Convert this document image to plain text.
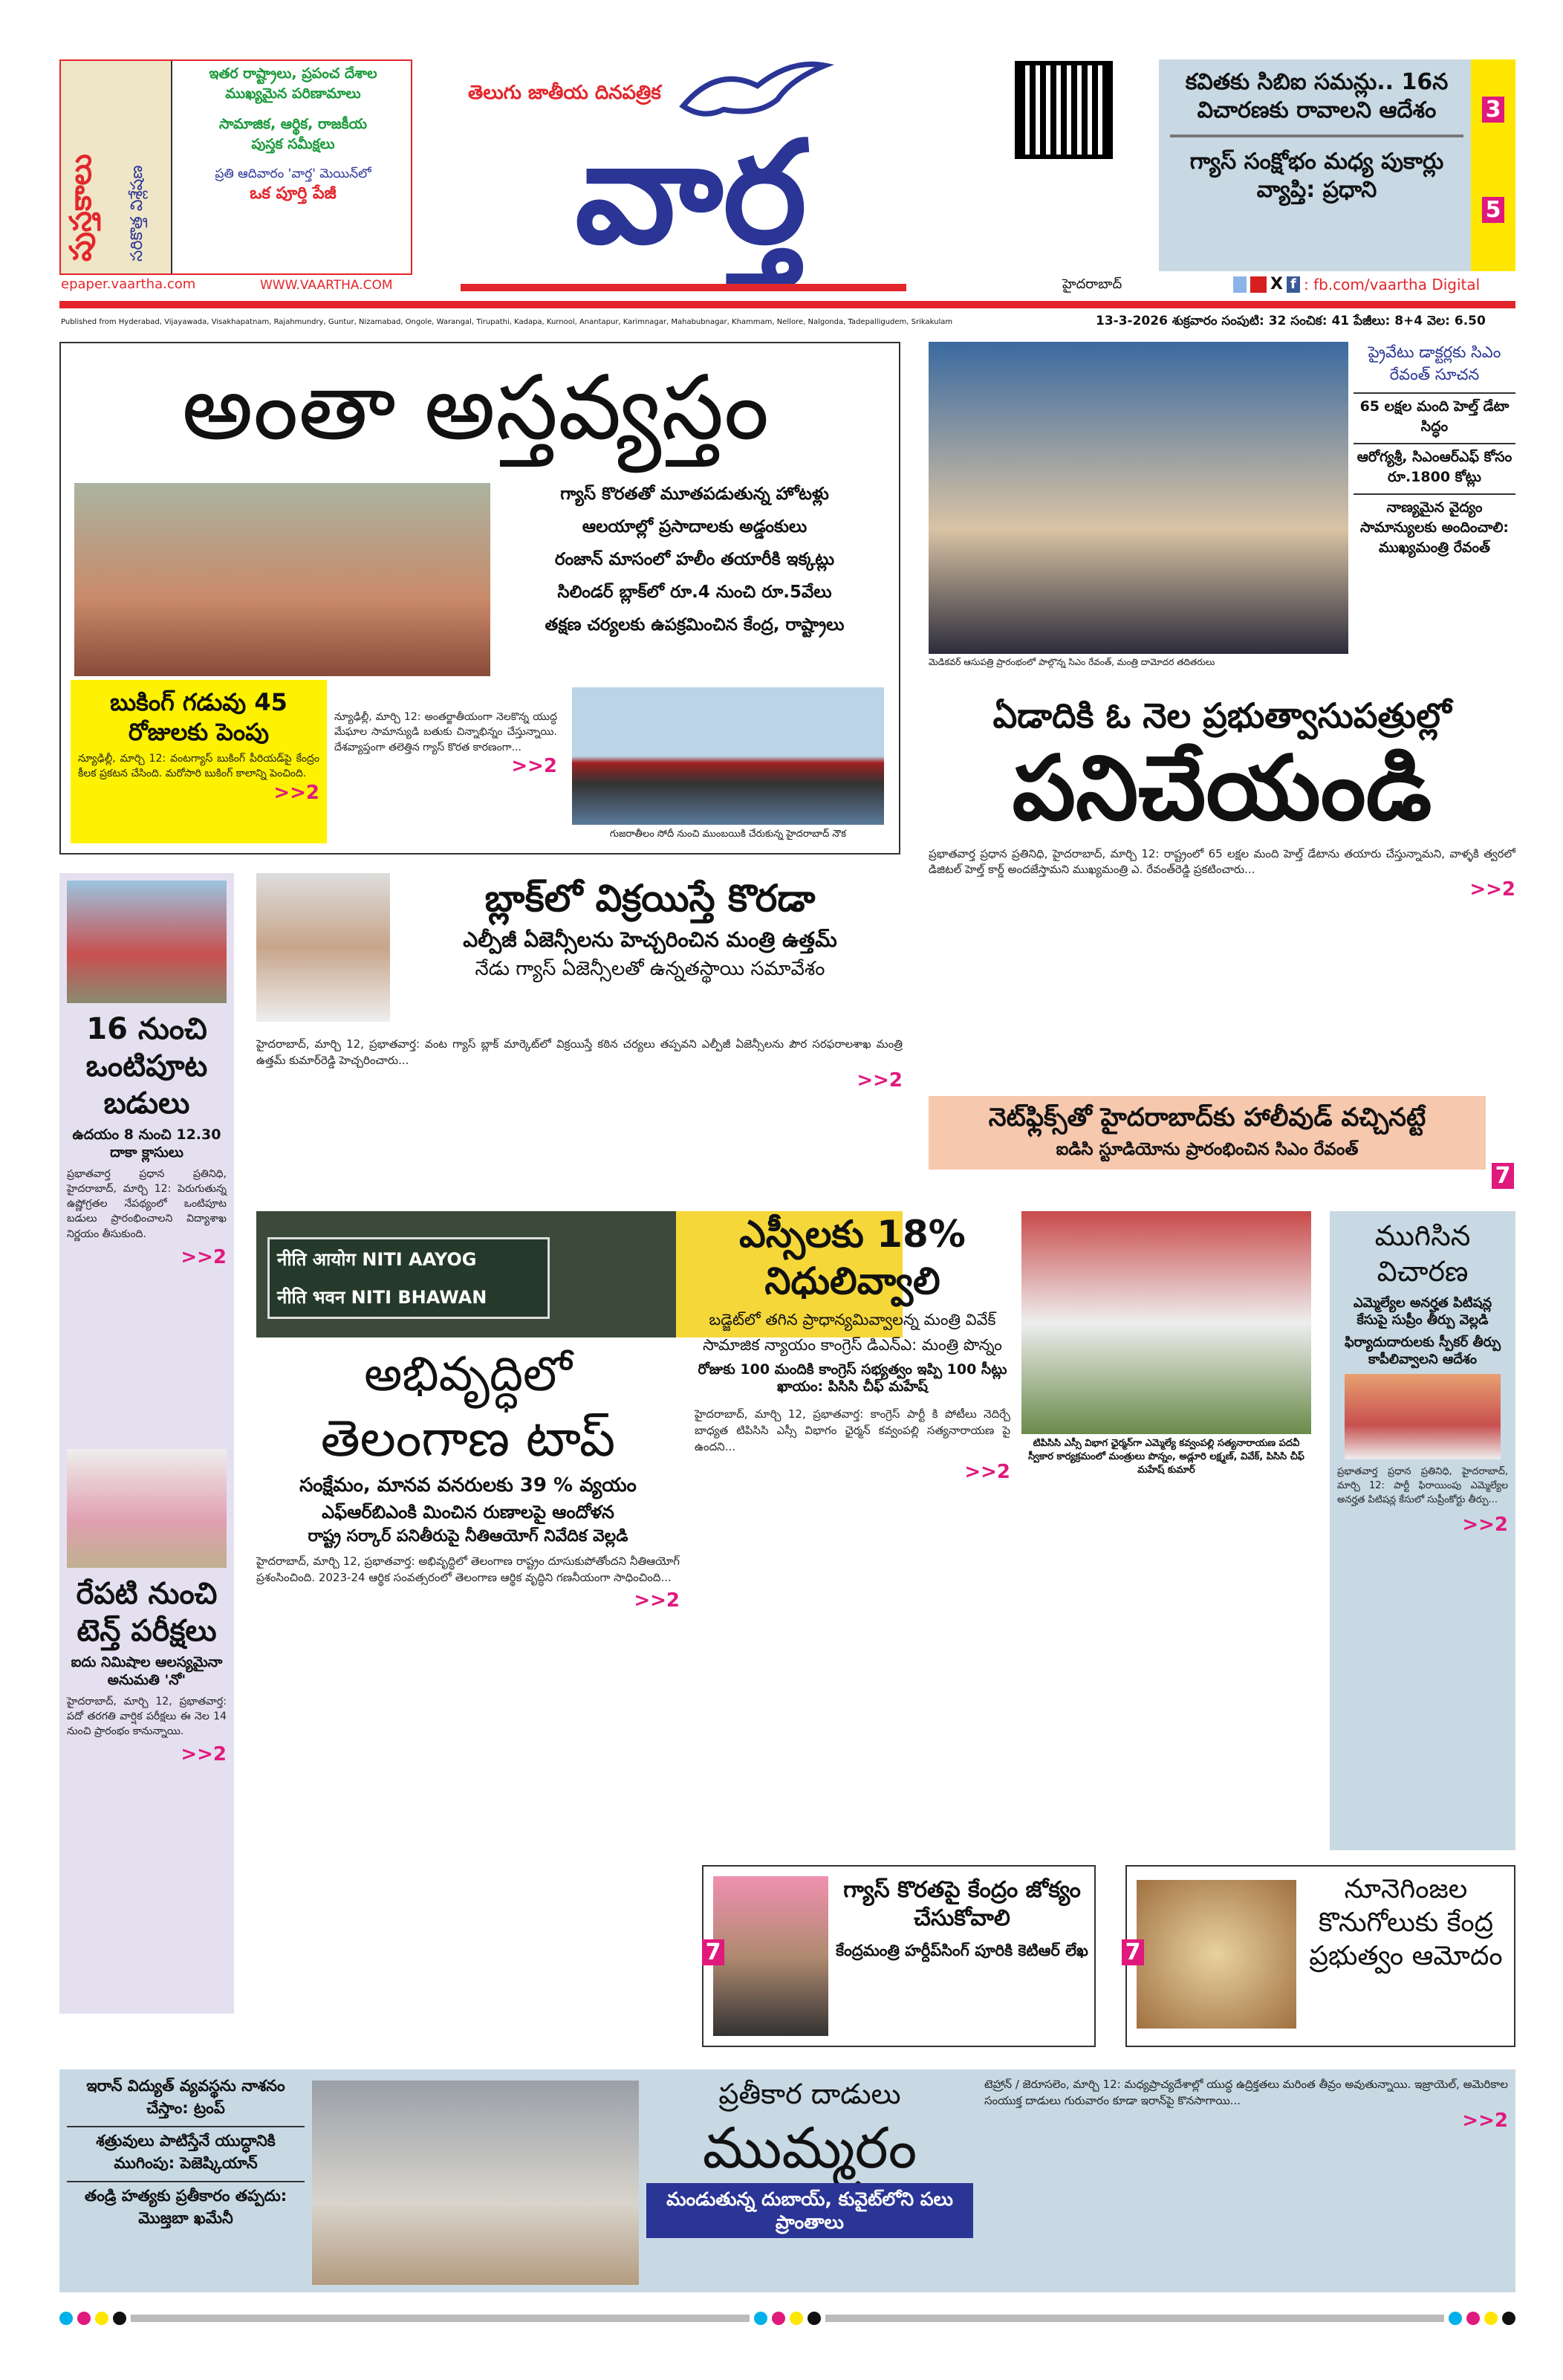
పుస్తకాలు	సరికొత్త విశ్లేషణ
ఇతర రాష్ట్రాలు, ప్రపంచ దేశాల
ముఖ్యమైన పరిణామాలు
సామాజిక, ఆర్థిక, రాజకీయ
పుస్తక సమీక్షలు
ప్రతి ఆదివారం 'వార్త' మెయిన్‌లో
ఒక పూర్తి పేజీ
epaper.vaartha.com	WWW.VAARTHA.COM
తెలుగు జాతీయ దినపత్రిక
వార్త
హైదరాబాద్	X f : fb.com/vaartha Digital
కవితకు సిబిఐ సమన్లు.. 16న విచారణకు రావాలని ఆదేశం
గ్యాస్ సంక్షోభం మధ్య పుకార్లు వ్యాప్తి: ప్రధాని
3
5
Published from Hyderabad, Vijayawada, Visakhapatnam, Rajahmundry, Guntur, Nizamabad, Ongole, Warangal, Tirupathi, Kadapa, Kurnool, Anantapur, Karimnagar, Mahabubnagar, Khammam, Nellore, Nalgonda, Tadepalligudem, Srikakulam	13-3-2026 శుక్రవారం సంపుటి: 32 సంచిక: 41 పేజీలు: 8+4 వెల: 6.50
అంతా అస్తవ్యస్తం
గ్యాస్ కొరతతో మూతపడుతున్న హోటళ్లు
ఆలయాల్లో ప్రసాదాలకు అడ్డంకులు
రంజాన్ మాసంలో హలీం తయారీకి ఇక్కట్లు
సిలిండర్ బ్లాక్‌లో రూ.4 నుంచి రూ.5వేలు
తక్షణ చర్యలకు ఉపక్రమించిన కేంద్ర, రాష్ట్రాలు
బుకింగ్ గడువు 45 రోజులకు పెంపు
న్యూఢిల్లీ, మార్చి 12: వంటగ్యాస్ బుకింగ్ పీరియడ్‌పై కేంద్రం కీలక ప్రకటన చేసింది. మరోసారి బుకింగ్ కాలాన్ని పెంచింది.
>>2
న్యూఢిల్లీ, మార్చి 12: అంతర్జాతీయంగా నెలకొన్న యుద్ధ మేఘాల సామాన్యుడి బతుకు చిన్నాభిన్నం చేస్తున్నాయి. దేశవ్యాప్తంగా తలెత్తిన గ్యాస్ కొరత కారణంగా...
>>2
గుజరాతీలం సోదీ నుంచి ముంబయికి చేరుకున్న హైదరాబాద్ నౌక
ప్రైవేటు డాక్టర్లకు సిఎం రేవంత్ సూచన
65 లక్షల మంది హెల్త్ డేటా సిద్ధం
ఆరోగ్యశ్రీ, సిఎంఆర్‌ఎఫ్ కోసం రూ.1800 కోట్లు
నాణ్యమైన వైద్యం సామాన్యులకు అందించాలి: ముఖ్యమంత్రి రేవంత్
మెడికవర్ ఆసుపత్రి ప్రారంభంలో పాల్గొన్న సిఎం రేవంత్, మంత్రి దామోదర తదితరులు
ఏడాదికి ఓ నెల ప్రభుత్వాసుపత్రుల్లో
పనిచేయండి
ప్రభాతవార్త ప్రధాన ప్రతినిధి, హైదరాబాద్, మార్చి 12: రాష్ట్రంలో 65 లక్షల మంది హెల్త్ డేటాను తయారు చేస్తున్నామని, వాళ్ళకి త్వరలో డిజిటల్ హెల్త్ కార్డ్ అందజేస్తామని ముఖ్యమంత్రి ఎ. రేవంత్‌రెడ్డి ప్రకటించారు...
>>2
నెట్‌ఫ్లిక్స్‌తో హైదరాబాద్‌కు హాలీవుడ్ వచ్చినట్టే
ఐడిసి స్టూడియోను ప్రారంభించిన సిఎం రేవంత్
7
బ్లాక్‌లో విక్రయిస్తే కొరడా
ఎల్పీజీ ఏజెన్సీలను హెచ్చరించిన మంత్రి ఉత్తమ్
నేడు గ్యాస్ ఏజెన్సీలతో ఉన్నతస్థాయి సమావేశం
హైదరాబాద్, మార్చి 12, ప్రభాతవార్త: వంట గ్యాస్ బ్లాక్ మార్కెట్‌లో విక్రయిస్తే కఠిన చర్యలు తప్పవని ఎల్పీజీ ఏజెన్సీలను పౌర సరఫరాలశాఖ మంత్రి ఉత్తమ్ కుమార్‌రెడ్డి హెచ్చరించారు...
>>2
16 నుంచి ఒంటిపూట బడులు
ఉదయం 8 నుంచి 12.30 దాకా క్లాసులు
ప్రభాతవార్త ప్రధాన ప్రతినిధి, హైదరాబాద్, మార్చి 12: పెరుగుతున్న ఉష్ణోగ్రతల నేపథ్యంలో ఒంటిపూట బడులు ప్రారంభించాలని విద్యాశాఖ నిర్ణయం తీసుకుంది.
>>2
రేపటి నుంచి టెన్త్ పరీక్షలు
ఐదు నిమిషాల ఆలస్యమైనా అనుమతి 'నో'
హైదరాబాద్, మార్చి 12, ప్రభాతవార్త: పదో తరగతి వార్షిక పరీక్షలు ఈ నెల 14 నుంచి ప్రారంభం కానున్నాయి.
>>2
नीति आयोग NITI AAYOG
नीति भवन NITI BHAWAN
అభివృద్ధిలో
తెలంగాణ టాప్
సంక్షేమం, మానవ వనరులకు 39 % వ్యయం
ఎఫ్‌ఆర్‌బిఎంకి మించిన రుణాలపై ఆందోళన
రాష్ట్ర సర్కార్ పనితీరుపై నీతిఆయోగ్ నివేదిక వెల్లడి
హైదరాబాద్, మార్చి 12, ప్రభాతవార్త: అభివృద్ధిలో తెలంగాణ రాష్ట్రం దూసుకుపోతోందని నీతిఆయోగ్ ప్రశంసించింది. 2023-24 ఆర్థిక సంవత్సరంలో తెలంగాణ ఆర్థిక వృద్ధిని గణనీయంగా సాధించింది...
>>2
ఎస్సీలకు 18% నిధులివ్వాలి
బడ్జెట్‌లో తగిన ప్రాధాన్యమివ్వాలన్న మంత్రి వివేక్
సామాజిక న్యాయం కాంగ్రెస్ డిఎన్‌ఎ: మంత్రి పొన్నం
రోజుకు 100 మందికి కాంగ్రెస్ సభ్యత్వం ఇప్పి 100 సీట్లు ఖాయం: పిసిసి చీఫ్ మహేష్
హైదరాబాద్, మార్చి 12, ప్రభాతవార్త: కాంగ్రెస్ పార్టీ కి పోటీలు నెదిర్చే బాధ్యత టిపిసిసి ఎస్సీ విభాగం ఛైర్మన్ కవ్వంపల్లి సత్యనారాయణ పై ఉందని...
>>2
టిపిసిసి ఎస్సీ విభాగ ఛైర్మన్‌గా ఎమ్మెల్యే కవ్వంపల్లి సత్యనారాయణ పదవీ స్వీకార కార్యక్రమంలో మంత్రులు పొన్నం, అడ్లూరి లక్ష్మణ్, వివేక్, పిసిసి చీఫ్ మహేష్ కుమార్
ముగిసిన విచారణ
ఎమ్మెల్యేల అనర్హత పిటిషన్ల కేసుపై సుప్రీం తీర్పు వెల్లడి
ఫిర్యాదుదారులకు స్పీకర్ తీర్పు కాపీలివ్వాలని ఆదేశం
ప్రభాతవార్త ప్రధాన ప్రతినిధి, హైదరాబాద్, మార్చి 12: పార్టీ ఫిరాయింపు ఎమ్మెల్యేల అనర్హత పిటిషన్ల కేసులో సుప్రీంకోర్టు తీర్పు...
>>2
7
గ్యాస్ కొరతపై కేంద్రం జోక్యం చేసుకోవాలి
కేంద్రమంత్రి హర్దీప్‌సింగ్ పూరికి కెటిఆర్ లేఖ 7
నూనెగింజల కొనుగోలుకు కేంద్ర ప్రభుత్వం ఆమోదం
ఇరాన్ విద్యుత్ వ్యవస్థను నాశనం చేస్తాం: ట్రంప్
శత్రువులు పాటిస్తేనే యుద్ధానికి ముగింపు: పెజెష్కియాన్
తండ్రి హత్యకు ప్రతీకారం తప్పదు: మొజ్తబా ఖమేనీ
ప్రతీకార దాడులు
ముమ్మరం
మండుతున్న దుబాయ్, కువైట్‌లోని పలు ప్రాంతాలు
టెహ్రాన్ / జెరూసలెం, మార్చి 12: మధ్యప్రాచ్యదేశాల్లో యుద్ధ ఉద్రిక్తతలు మరింత తీవ్రం అవుతున్నాయి. ఇజ్రాయెల్, అమెరికాల సంయుక్త దాడులు గురువారం కూడా ఇరాన్‌పై కొనసాగాయి...
>>2
